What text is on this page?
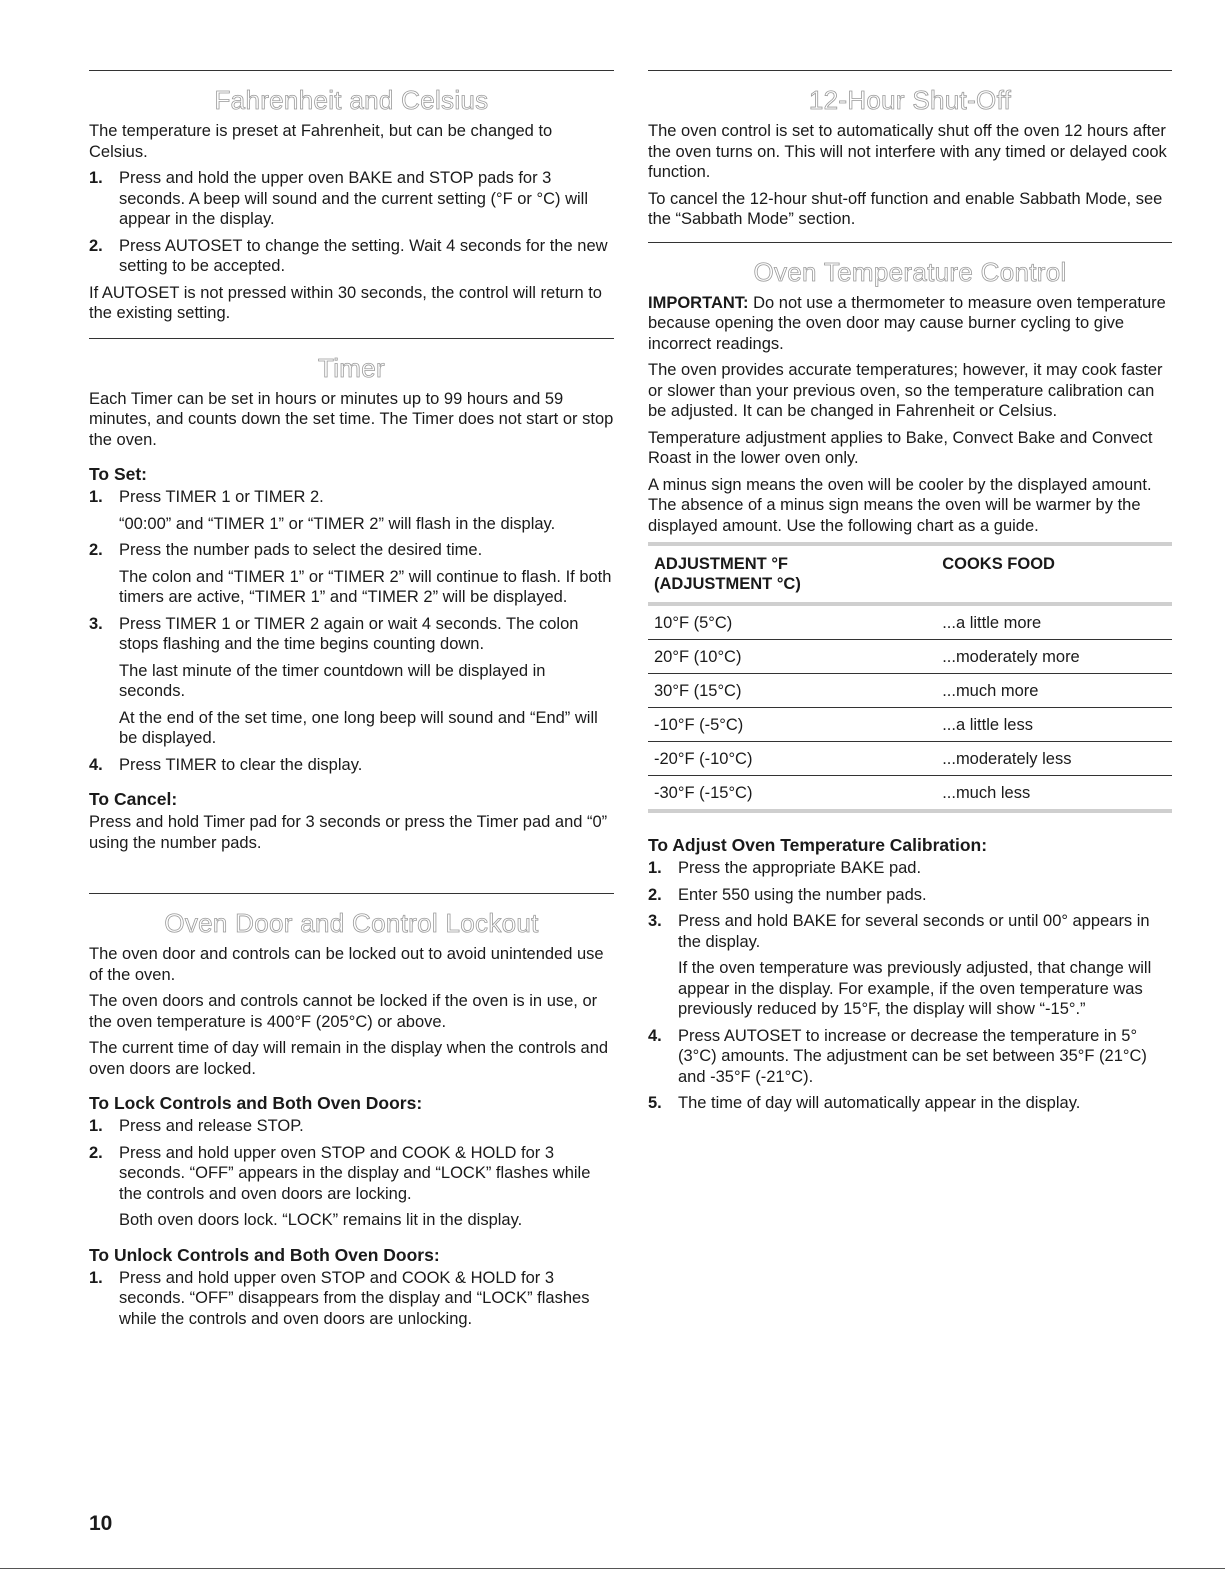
Fahrenheit and Celsius

The temperature is preset at Fahrenheit, but can be changed to Celsius.

1. Press and hold the upper oven BAKE and STOP pads for 3 seconds. A beep will sound and the current setting (°F or °C) will appear in the display.
2. Press AUTOSET to change the setting. Wait 4 seconds for the new setting to be accepted.

If AUTOSET is not pressed within 30 seconds, the control will return to the existing setting.

Timer

Each Timer can be set in hours or minutes up to 99 hours and 59 minutes, and counts down the set time. The Timer does not start or stop the oven.

To Set:
1. Press TIMER 1 or TIMER 2.

“00:00” and “TIMER 1” or “TIMER 2” will flash in the display.

2. Press the number pads to select the desired time.

The colon and “TIMER 1” or “TIMER 2” will continue to flash. If both timers are active, “TIMER 1” and “TIMER 2” will be displayed.

3. Press TIMER 1 or TIMER 2 again or wait 4 seconds. The colon stops flashing and the time begins counting down.

The last minute of the timer countdown will be displayed in seconds.

At the end of the set time, one long beep will sound and “End” will be displayed.

4. Press TIMER to clear the display.
To Cancel:

Press and hold Timer pad for 3 seconds or press the Timer pad and “0” using the number pads.

Oven Door and Control Lockout

The oven door and controls can be locked out to avoid unintended use of the oven.

The oven doors and controls cannot be locked if the oven is in use, or the oven temperature is 400°F (205°C) or above.

The current time of day will remain in the display when the controls and oven doors are locked.

To Lock Controls and Both Oven Doors:
1. Press and release STOP.
2. Press and hold upper oven STOP and COOK & HOLD for 3 seconds. “OFF” appears in the display and “LOCK” flashes while the controls and oven doors are locking.

Both oven doors lock. “LOCK” remains lit in the display.

To Unlock Controls and Both Oven Doors:
1. Press and hold upper oven STOP and COOK & HOLD for 3 seconds. “OFF” disappears from the display and “LOCK” flashes while the controls and oven doors are unlocking.
12-Hour Shut-Off

The oven control is set to automatically shut off the oven 12 hours after the oven turns on. This will not interfere with any timed or delayed cook function.

To cancel the 12-hour shut-off function and enable Sabbath Mode, see the “Sabbath Mode” section.

Oven Temperature Control

IMPORTANT: Do not use a thermometer to measure oven temperature because opening the oven door may cause burner cycling to give incorrect readings.

The oven provides accurate temperatures; however, it may cook faster or slower than your previous oven, so the temperature calibration can be adjusted. It can be changed in Fahrenheit or Celsius.

Temperature adjustment applies to Bake, Convect Bake and Convect Roast in the lower oven only.

A minus sign means the oven will be cooler by the displayed amount. The absence of a minus sign means the oven will be warmer by the displayed amount. Use the following chart as a guide.

ADJUSTMENT °F
(ADJUSTMENT °C)	COOKS FOOD
10°F (5°C)	...a little more
20°F (10°C)	...moderately more
30°F (15°C)	...much more
-10°F (-5°C)	...a little less
-20°F (-10°C)	...moderately less
-30°F (-15°C)	...much less
To Adjust Oven Temperature Calibration:
1. Press the appropriate BAKE pad.
2. Enter 550 using the number pads.
3. Press and hold BAKE for several seconds or until 00° appears in the display.

If the oven temperature was previously adjusted, that change will appear in the display. For example, if the oven temperature was previously reduced by 15°F, the display will show “-15°.”

4. Press AUTOSET to increase or decrease the temperature in 5° (3°C) amounts. The adjustment can be set between 35°F (21°C) and -35°F (-21°C).
5. The time of day will automatically appear in the display.
10
